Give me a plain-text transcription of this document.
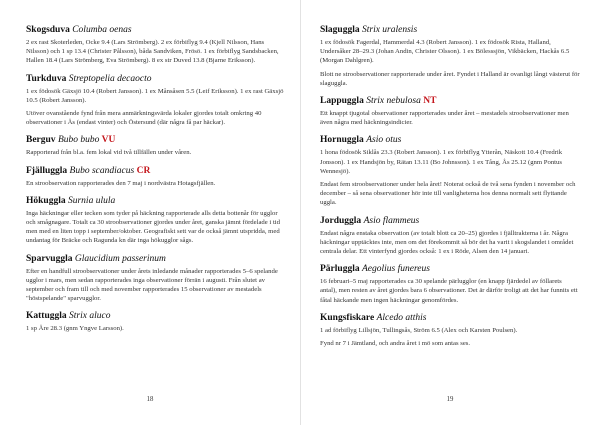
Skogsduva Columba oenas

2 ex rast Skoterleden, Ocke 9.4 (Lars Strömberg). 2 ex förbiflyg 9.4 (Kjell Nilsson, Hans Nilsson) och 1 sp 13.4 (Christer Pålsson), båda Sandviken, Frösö. 1 ex förbiflyg Sandsbacken, Hallen 18.4 (Lars Strömberg, Eva Strömberg). 8 ex str Duved 13.8 (Bjarne Eriksson).

Turkduva Streptopelia decaocto

1 ex födosök Gäxsjö 10.4 (Robert Jansson). 1 ex Månsåsen 5.5 (Leif Eriksson). 1 ex rast Gäxsjö 10.5 (Robert Jansson).

Utöver ovanstående fynd från mera anmärkningsvärda lokaler gjordes totalt omkring 40 observationer i Ås (endast vinter) och Östersund (där några få par häckar).

Berguv Bubo bubo VU

Rapporterad från bl.a. fem lokal vid två tillfällen under våren.

Fjälluggla Bubo scandiacus CR

En stroobservation rapporterades den 7 maj i nordvästra Hotagsfjällen.

Hökuggla Surnia ulula

Inga häckningar eller tecken som tyder på häckning rapporterade alls detta bottenår för ugglor och smågnagare. Totalt ca 30 stroobservationer gjordes under året, ganska jämnt fördelade i tid men med en liten topp i september/oktober. Geografiskt sett var de också jämnt utspridda, med undantag för Bräcke och Ragunda kn där inga hökugglor sågs.

Sparvuggla Glaucidium passerinum

Efter en handfull stroobservationer under årets inledande månader rapporterades 5–6 spelande ugglor i mars, men sedan rapporterades inga observationer förrän i augusti. Från slutet av september och fram till och med november rapporterades 15 observationer av mestadels "höstspelande" sparvugglor.

Kattuggla Strix aluco

1 sp Åre 28.3 (gnm Yngve Larsson).

18
Slaguggla Strix uralensis

1 ex födosök Fagerdal, Hammerdal 4.3 (Robert Jansson). 1 ex födosök Rista, Halland, Undersåker 28–29.3 (Johan Andin, Christer Olsson). 1 ex Bölesssjön, Vikbäcken, Hackås 6.5 (Morgan Dahlgren).

Blott ne stroobservationer rapporterade under året. Fyndet i Halland är ovanligt långt västerut för slaguggla.

Lappuggla Strix nebulosa NT

Ett knappt tjugotal observationer rapporterades under året – mestadels stroobservationer men även några med häckningsindicier.

Hornuggla Asio otus

1 hona födosök Siklås 23.3 (Robert Jansson). 1 ex förbiflyg Ytterån, Näskott 10.4 (Fredrik Jonsson). 1 ex Handsjön by, Rätan 13.11 (Bo Johnsson). 1 ex Tång, Ås 25.12 (gnm Pontus Wennesjö).

Endast fem stroobservationer under hela året! Noterat också de två sena fynden i november och december – så sena observationer hör inte till vanligheterna hos denna normalt sett flyttande uggla.

Jorduggla Asio flammeus

Endast några enstaka observation (av totalt blott ca 20–25) gjordes i fjälltrakterna i år. Några häckningar upptäcktes inte, men om det förekommit så bör det ha varit i skogslandet i området centrala delar. Ett vinterfynd gjordes också: 1 ex i Röde, Alsen den 14 januari.

Pärluggla Aegolius funereus

16 februari–5 maj rapporterades ca 30 spelande pärlugglor (en knapp fjärdedel av föllarets antal), men resten av året gjordes bara 6 observationer. Det är därför troligt att det har funnits ett fåtal häckande men ingen häckningar genomfördes.

Kungsfiskare Alcedo atthis

1 ad förbiflyg Lillsjön, Tullingsås, Ström 6.5 (Alex och Karsten Poulsen).

Fynd nr 7 i Jämtland, och andra året i mö som antas ses.

19
